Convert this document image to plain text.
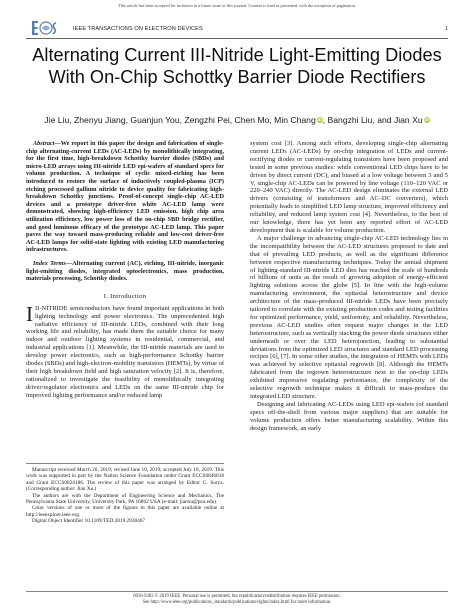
This article has been accepted for inclusion in a future issue of this journal. Content is final as presented, with the exception of pagination.
IEEE TRANSACTIONS ON ELECTRON DEVICES	1
Alternating Current III-Nitride Light-Emitting Diodes With On-Chip Schottky Barrier Diode Rectifiers
Jie Liu, Zhenyu Jiang, Guanjun You, Zengzhi Pei, Chen Mo, Min Chang iD, Bangzhi Liu, and Jian Xu iD

Abstract—We report in this paper the design and fabrication of single-chip alternating-current LEDs (AC-LEDs) by monolithically integrating, for the first time, high-breakdown Schottky barrier diodes (SBDs) and micro-LED arrays using III-nitride LED epi-wafers of standard specs for volume production. A technique of cyclic mixed-etching has been introduced to restore the surface of inductively coupled-plasma (ICP) etching processed gallium nitride to device quality for fabricating high-breakdown Schottky junctions. Proof-of-concept single-chip AC-LED devices and a prototype driver-free white AC-LED lamp were demonstrated, showing high-efficiency LED emission, high chip area utilization efficiency, low power loss of the on-chip SBD bridge rectifier, and good luminous efficacy of the prototype AC-LED lamp. This paper paves the way toward mass-producing reliable and low-cost driver-free AC-LED lamps for solid-state lighting with existing LED manufacturing infrastructures.

Index Terms—Alternating current (AC), etching, III-nitride, inorganic light-emitting diodes, integrated optoelectronics, mass production, materials processing, Schottky diodes.

I. Introduction

III-NITRIDE semiconductors have found important applications in both lighting technology and power electronics. The unprecedented high radiative efficiency of III-nitride LEDs, combined with their long working life and reliability, has made them the suitable choice for many indoor and outdoor lighting systems in residential, commercial, and industrial applications [1]. Meanwhile, the III-nitride materials are used to develop power electronics, such as high-performance Schottky barrier diodes (SBDs) and high-electron-mobility transistors (HEMTs), by virtue of their high breakdown field and high saturation velocity [2]. It is, therefore, rationalized to investigate the feasibility of monolithically integrating driver/regulator electronics and LEDs on the same III-nitride chip for improved lighting performance and/or reduced lamp

Manuscript received March 20, 2019; revised June 10, 2019; accepted July 10, 2019. This work was supported in part by the Nation Science Foundation under Grant ECCS0846018 and Grant ECCS0824186. The review of this paper was arranged by Editor C. Surya. (Corresponding author: Jian Xu.)

The authors are with the Department of Engineering Science and Mechanics, The Pennsylvania State University, University Park, PA 16802 USA (e-mail: jianxu@psu.edu).

Color versions of one or more of the figures in this paper are available online at http://ieeexplore.ieee.org.

Digital Object Identifier 10.1109/TED.2019.2930467

system cost [3]. Among such efforts, developing single-chip alternating current LEDs (AC-LEDs) by on-chip integration of LEDs and current-rectifying diodes or current-regulating transistors have been proposed and tested in some previous studies: while conventional LED chips have to be driven by direct current (DC), and biased at a low voltage between 3 and 5 V, single-chip AC-LEDs can be powered by line voltage (110–120 VAC or 220–240 VAC) directly. The AC-LED design eliminates the external LED drivers (consisting of transformers and AC–DC converters), which potentially leads to simplified LED lamp structure, improved efficiency and reliability, and reduced lamp system cost [4]. Nevertheless, to the best of our knowledge, there has yet been any reported effort of AC-LED development that is scalable for volume production.

A major challenge in advancing single-chip AC-LED technology lies in the incompatibility between the AC-LED structures proposed to date and that of prevailing LED products, as well as the significant difference between respective manufacturing techniques. Today the annual shipment of lighting-standard III-nitride LED dies has reached the scale of hundreds of billions of units as the result of growing adoption of energy-efficient lighting solutions across the globe [5]. In line with the high-volume manufacturing environment, the epitaxial heterostructure and device architecture of the mass-produced III-nitride LEDs have been precisely tailored to correlate with the existing production codes and testing facilities for optimized performance, yield, uniformity, and reliability. Nevertheless, previous AC-LED studies often request major changes in the LED heterostructure, such as vertically stacking the power diode structures either underneath or over the LED heterojunction, leading to substantial deviations from the optimized LED structures and standard LED processing recipes [6], [7]. In some other studies, the integration of HEMTs with LEDs was achieved by selective epitaxial regrowth [8]. Although the HEMTs fabricated from the regrown heterostructure next to the on-chip LEDs exhibited impressive regulating performance, the complexity of the selective regrowth technique makes it difficult to mass-produce the integrated LED structure.

Designing and fabricating AC-LEDs using LED epi-wafers (of standard specs off-the-shelf from various major suppliers) that are suitable for volume production offers better manufacturing scalability. Within this design framework, an early

0018-9383 © 2019 IEEE. Personal use is permitted, but republication/redistribution requires IEEE permission.
See http://www.ieee.org/publications_standards/publications/rights/index.html for more information.
